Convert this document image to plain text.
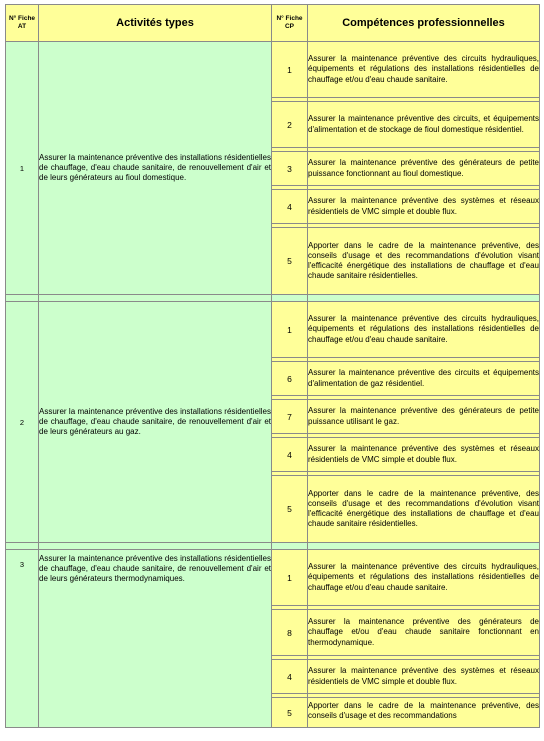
N° Fiche AT	Activités types	N° Fiche CP	Compétences professionnelles
1	Assurer la maintenance préventive des installations résidentielles de chauffage, d'eau chaude sanitaire, de renouvellement d'air et de leurs générateurs au fioul domestique.	1	Assurer la maintenance préventive des circuits hydrauliques, équipements et régulations des installations résidentielles de chauffage et/ou d'eau chaude sanitaire.

		2	Assurer la maintenance préventive des circuits, et équipements d'alimentation et de stockage de fioul domestique résidentiel.

		3	Assurer la maintenance préventive des générateurs de petite puissance fonctionnant au fioul domestique.

		4	Assurer la maintenance préventive des systèmes et réseaux résidentiels de VMC simple et double flux.

		5	Apporter dans le cadre de la maintenance préventive, des conseils d'usage et des recommandations d'évolution visant l'efficacité énergétique des installations de chauffage et d'eau chaude sanitaire résidentielles.

2	Assurer la maintenance préventive des installations résidentielles de chauffage, d'eau chaude sanitaire, de renouvellement d'air et de leurs générateurs au gaz.	1	Assurer la maintenance préventive des circuits hydrauliques, équipements et régulations des installations résidentielles de chauffage et/ou d'eau chaude sanitaire.

		6	Assurer la maintenance préventive des circuits et équipements d'alimentation de gaz résidentiel.

		7	Assurer la maintenance préventive des générateurs de petite puissance utilisant le gaz.

		4	Assurer la maintenance préventive des systèmes et réseaux résidentiels de VMC simple et double flux.

		5	Apporter dans le cadre de la maintenance préventive, des conseils d'usage et des recommandations d'évolution visant l'efficacité énergétique des installations de chauffage et d'eau chaude sanitaire résidentielles.

3	Assurer la maintenance préventive des installations résidentielles de chauffage, d'eau chaude sanitaire, de renouvellement d'air et de leurs générateurs thermodynamiques.	1	Assurer la maintenance préventive des circuits hydrauliques, équipements et régulations des installations résidentielles de chauffage et/ou d'eau chaude sanitaire.

		8	Assurer la maintenance préventive des générateurs de chauffage et/ou d'eau chaude sanitaire fonctionnant en thermodynamique.

		4	Assurer la maintenance préventive des systèmes et réseaux résidentiels de VMC simple et double flux.

		5	Apporter dans le cadre de la maintenance préventive, des conseils d'usage et des recommandations
